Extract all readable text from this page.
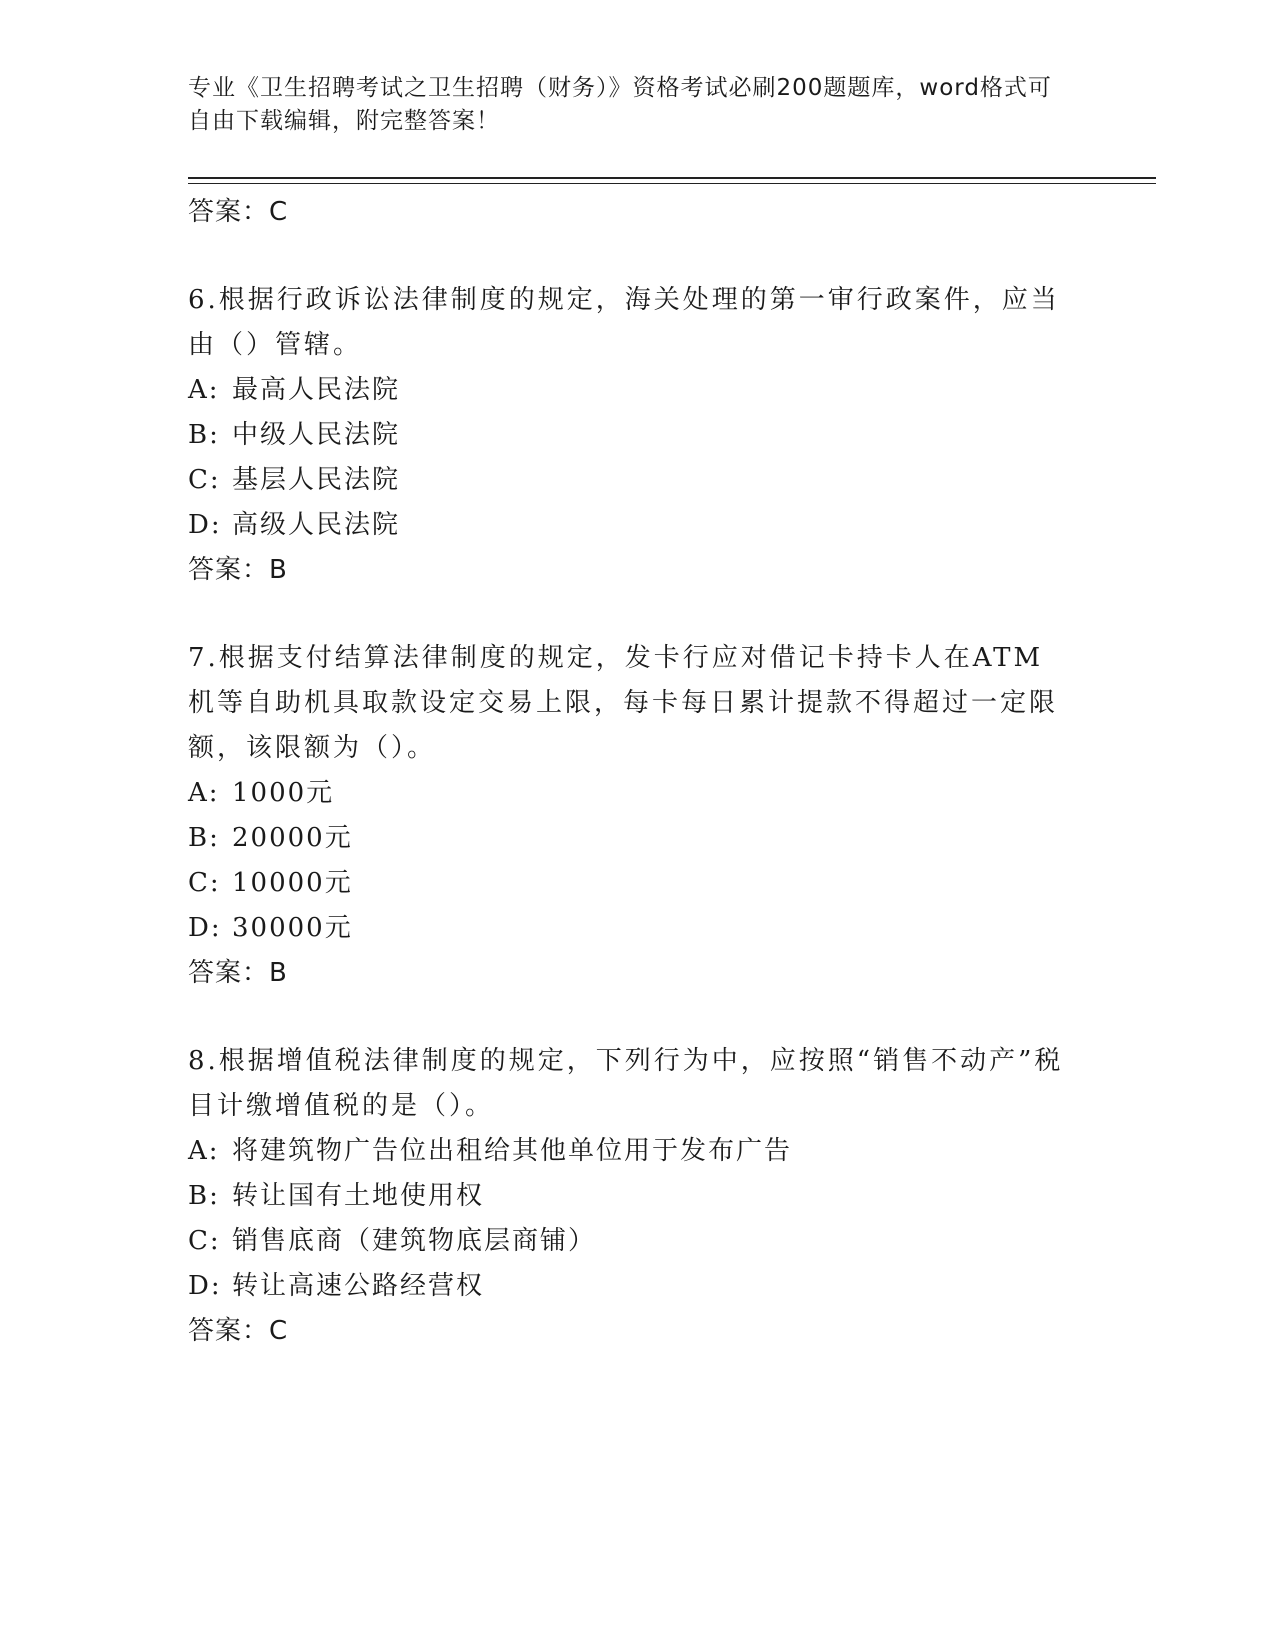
专业《卫生招聘考试之卫生招聘（财务）》资格考试必刷200题题库，word格式可自由下载编辑，附完整答案！

答案：C

6.根据行政诉讼法律制度的规定，海关处理的第一审行政案件，应当由（）管辖。

A: 最高人民法院
B: 中级人民法院
C: 基层人民法院
D: 高级人民法院

答案：B

7.根据支付结算法律制度的规定，发卡行应对借记卡持卡人在ATM机等自助机具取款设定交易上限，每卡每日累计提款不得超过一定限额，该限额为（）。

A: 1000元
B: 20000元
C: 10000元
D: 30000元

答案：B

8.根据增值税法律制度的规定，下列行为中，应按照“销售不动产”税目计缴增值税的是（）。

A: 将建筑物广告位出租给其他单位用于发布广告
B: 转让国有土地使用权
C: 销售底商（建筑物底层商铺）
D: 转让高速公路经营权

答案：C
